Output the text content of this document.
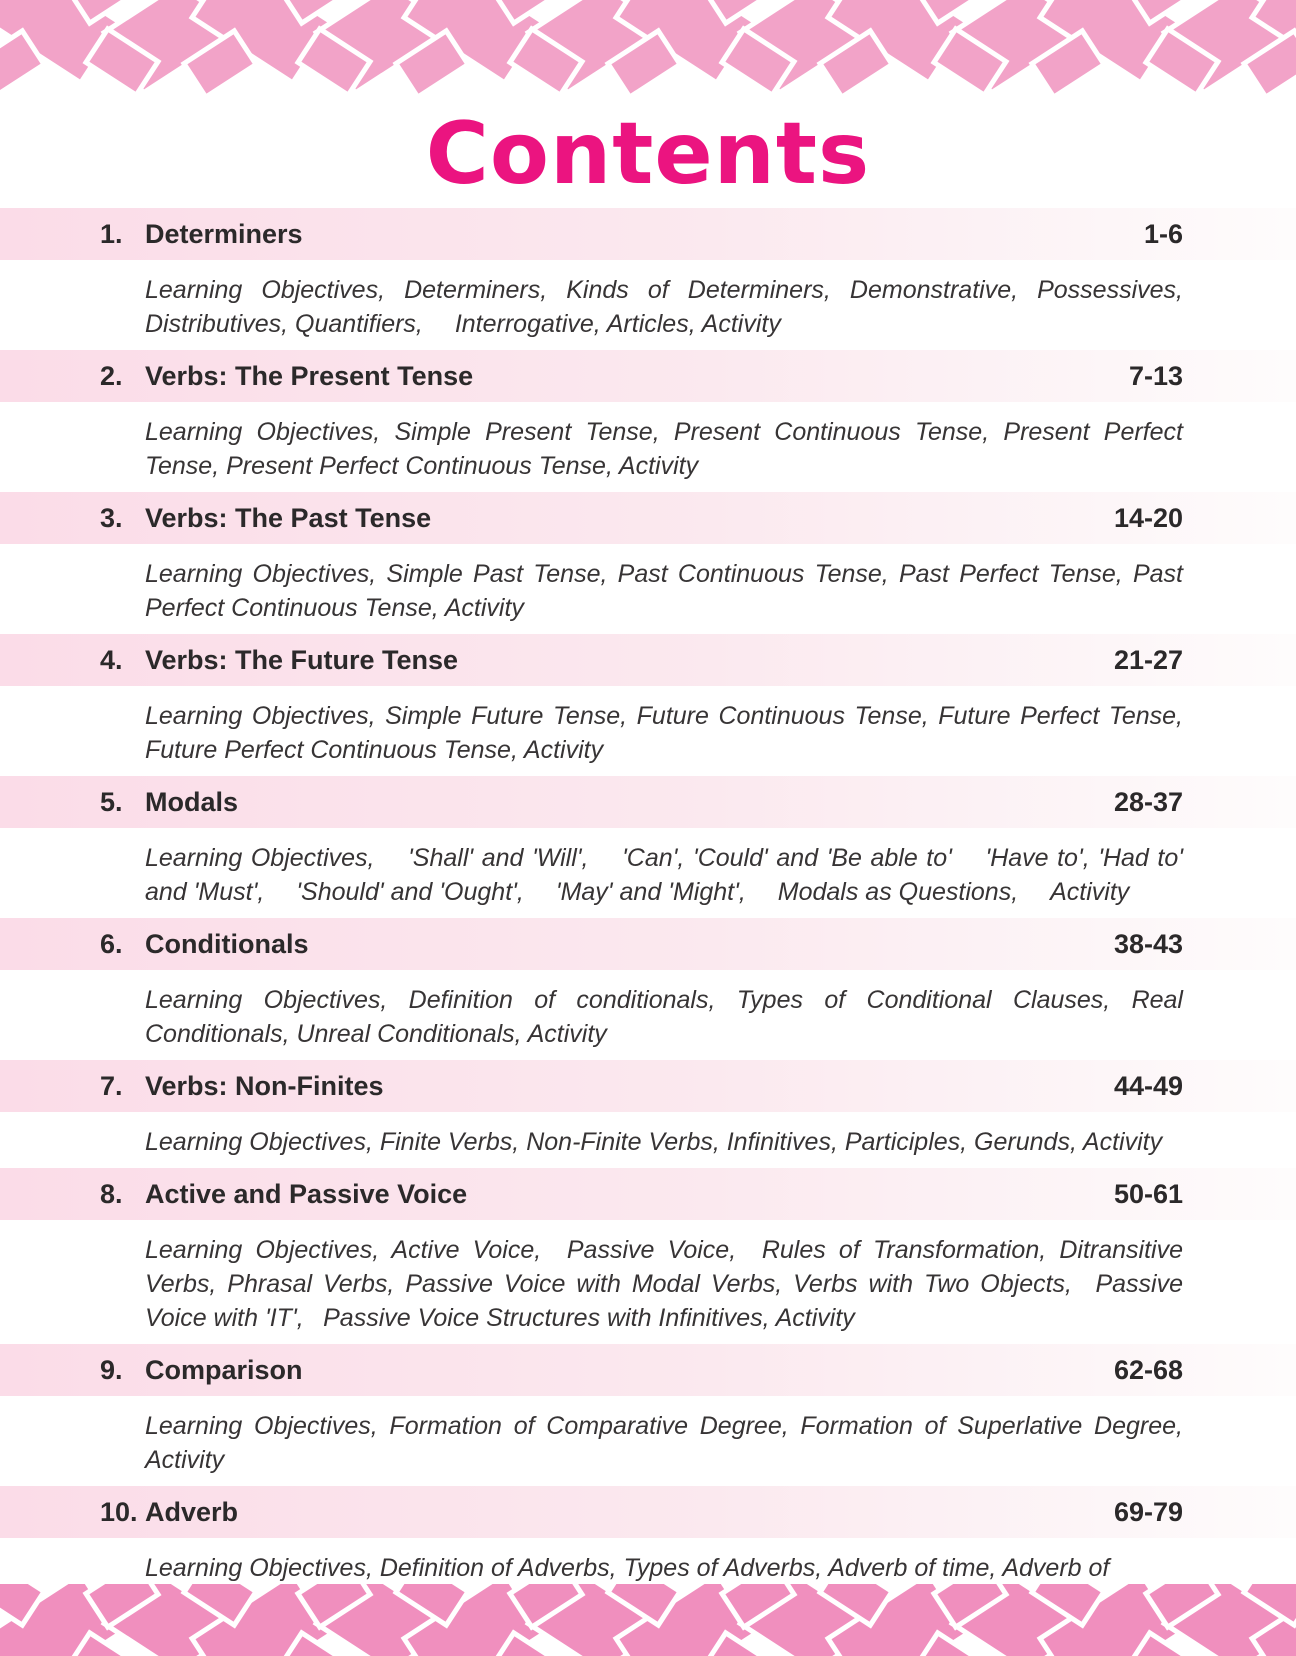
Contents
1. Determiners	1-6

Learning Objectives, Determiners, Kinds of Determiners, Demonstrative, Possessives, Distributives, Quantifiers,  Interrogative, Articles, Activity

2. Verbs: The Present Tense	7-13

Learning Objectives, Simple Present Tense, Present Continuous Tense, Present Perfect Tense, Present Perfect Continuous Tense, Activity

3. Verbs: The Past Tense	14-20

Learning Objectives, Simple Past Tense, Past Continuous Tense, Past Perfect Tense, Past Perfect Continuous Tense, Activity

4. Verbs: The Future Tense	21-27

Learning Objectives, Simple Future Tense, Future Continuous Tense, Future Perfect Tense, Future Perfect Continuous Tense, Activity

5. Modals	28-37

Learning Objectives,  'Shall' and 'Will',  'Can', 'Could' and 'Be able to'  'Have to', 'Had to' and 'Must',  'Should' and 'Ought',  'May' and 'Might',  Modals as Questions,  Activity

6. Conditionals	38-43

Learning Objectives, Definition of conditionals, Types of Conditional Clauses, Real Conditionals, Unreal Conditionals, Activity

7. Verbs: Non-Finites	44-49

Learning Objectives, Finite Verbs, Non-Finite Verbs, Infinitives, Participles, Gerunds, Activity

8. Active and Passive Voice	50-61

Learning Objectives, Active Voice,  Passive Voice,  Rules of Transformation, Ditransitive Verbs, Phrasal Verbs, Passive Voice with Modal Verbs, Verbs with Two Objects,  Passive Voice with 'IT',  Passive Voice Structures with Infinitives, Activity

9. Comparison	62-68

Learning Objectives, Formation of Comparative Degree, Formation of Superlative Degree, Activity

10. Adverb	69-79

Learning Objectives, Definition of Adverbs, Types of Adverbs, Adverb of time, Adverb of
